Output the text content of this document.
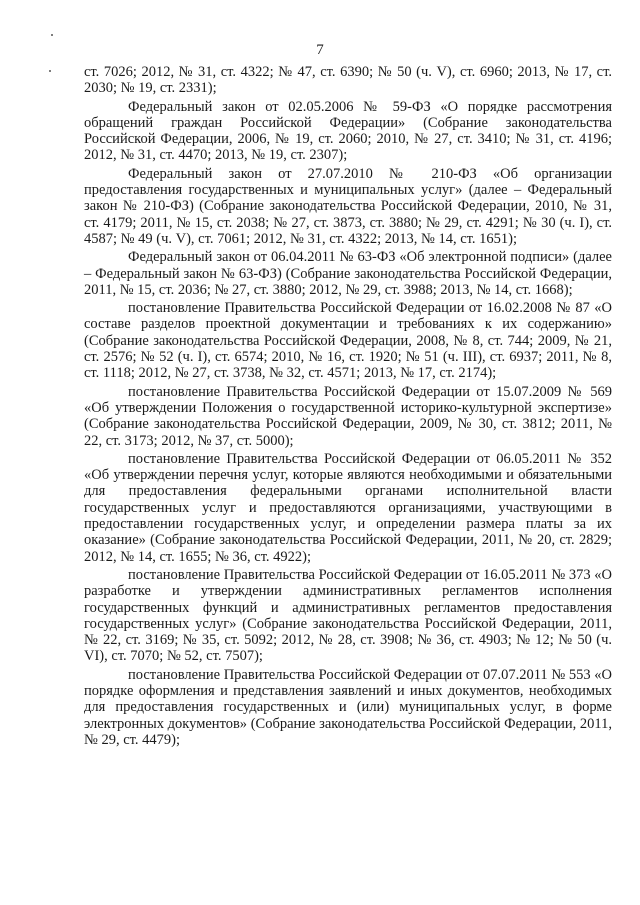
7

ст. 7026; 2012, № 31, ст. 4322; № 47, ст. 6390; № 50 (ч. V), ст. 6960; 2013, № 17, ст. 2030; № 19, ст. 2331);

Федеральный закон от 02.05.2006 № 59-ФЗ «О порядке рассмотрения обращений граждан Российской Федерации» (Собрание законодательства Российской Федерации, 2006, № 19, ст. 2060; 2010, № 27, ст. 3410; № 31, ст. 4196; 2012, № 31, ст. 4470; 2013, № 19, ст. 2307);

Федеральный закон от 27.07.2010 № 210-ФЗ «Об организации предоставления государственных и муниципальных услуг» (далее – Федеральный закон № 210-ФЗ) (Собрание законодательства Российской Федерации, 2010, № 31, ст. 4179; 2011, № 15, ст. 2038; № 27, ст. 3873, ст. 3880; № 29, ст. 4291; № 30 (ч. I), ст. 4587; № 49 (ч. V), ст. 7061; 2012, № 31, ст. 4322; 2013, № 14, ст. 1651);

Федеральный закон от 06.04.2011 № 63-ФЗ «Об электронной подписи» (далее – Федеральный закон № 63-ФЗ) (Собрание законодательства Российской Федерации, 2011, № 15, ст. 2036; № 27, ст. 3880; 2012, № 29, ст. 3988; 2013, № 14, ст. 1668);

постановление Правительства Российской Федерации от 16.02.2008 № 87 «О составе разделов проектной документации и требованиях к их содержанию» (Собрание законодательства Российской Федерации, 2008, № 8, ст. 744; 2009, № 21, ст. 2576; № 52 (ч. I), ст. 6574; 2010, № 16, ст. 1920; № 51 (ч. III), ст. 6937; 2011, № 8, ст. 1118; 2012, № 27, ст. 3738, № 32, ст. 4571; 2013, № 17, ст. 2174);

постановление Правительства Российской Федерации от 15.07.2009 № 569 «Об утверждении Положения о государственной историко-культурной экспертизе» (Собрание законодательства Российской Федерации, 2009, № 30, ст. 3812; 2011, № 22, ст. 3173; 2012, № 37, ст. 5000);

постановление Правительства Российской Федерации от 06.05.2011 № 352 «Об утверждении перечня услуг, которые являются необходимыми и обязательными для предоставления федеральными органами исполнительной власти государственных услуг и предоставляются организациями, участвующими в предоставлении государственных услуг, и определении размера платы за их оказание» (Собрание законодательства Российской Федерации, 2011, № 20, ст. 2829; 2012, № 14, ст. 1655; № 36, ст. 4922);

постановление Правительства Российской Федерации от 16.05.2011 № 373 «О разработке и утверждении административных регламентов исполнения государственных функций и административных регламентов предоставления государственных услуг» (Собрание законодательства Российской Федерации, 2011, № 22, ст. 3169; № 35, ст. 5092; 2012, № 28, ст. 3908; № 36, ст. 4903; № 12; № 50 (ч. VI), ст. 7070; № 52, ст. 7507);

постановление Правительства Российской Федерации от 07.07.2011 № 553 «О порядке оформления и представления заявлений и иных документов, необходимых для предоставления государственных и (или) муниципальных услуг, в форме электронных документов» (Собрание законодательства Российской Федерации, 2011, № 29, ст. 4479);
